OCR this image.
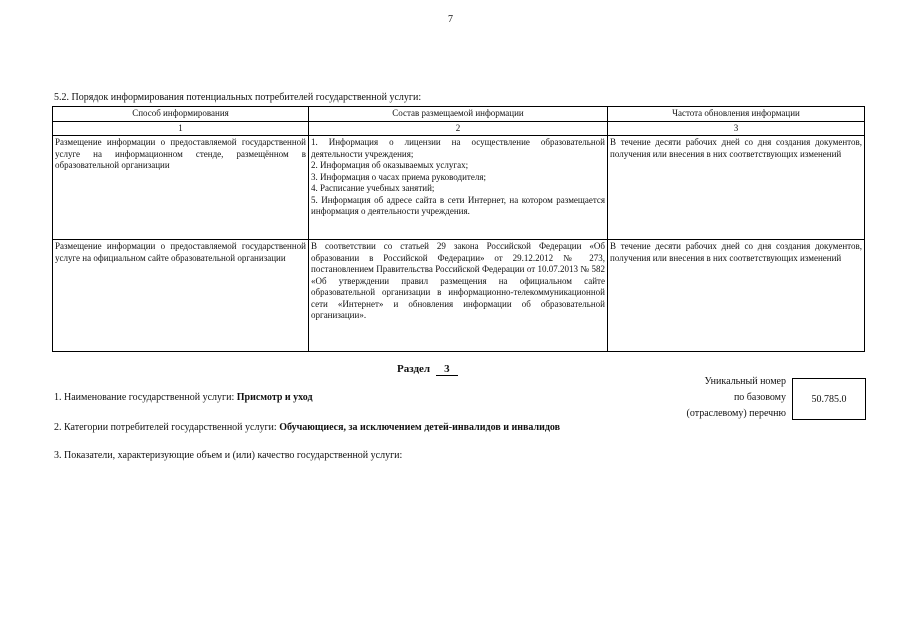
7
5.2. Порядок информирования потенциальных потребителей государственной услуги:
Способ информирования	Состав размещаемой информации	Частота обновления информации
1	2	3
Размещение информации о предоставляемой государственной услуге на информационном стенде, размещённом в образовательной организации	1. Информация о лицензии на осуществление образовательной деятельности учреждения;
2. Информация об оказываемых услугах;
3. Информация о часах приема руководителя;
4. Расписание учебных занятий;
5. Информация об адресе сайта в сети Интернет, на котором размещается информация о деятельности учреждения.	В течение десяти рабочих дней со дня создания документов, получения или внесения в них соответствующих изменений
Размещение информации о предоставляемой государственной услуге на официальном сайте образовательной организации	В соответствии со статьей 29 закона Российской Федерации «Об образовании в Российской Федерации» от 29.12.2012 № 273, постановлением Правительства Российской Федерации от 10.07.2013 № 582 «Об утверждении правил размещения на официальном сайте образовательной организации в информационно-телекоммуникационной сети «Интернет» и обновления информации об образовательной организации».	В течение десяти рабочих дней со дня создания документов, получения или внесения в них соответствующих изменений
Раздел 3
Уникальный номер
по базовому
(отраслевому) перечню
50.785.0
1. Наименование государственной услуги: Присмотр и уход
2. Категории потребителей государственной услуги: Обучающиеся, за исключением детей-инвалидов и инвалидов
3. Показатели, характеризующие объем и (или) качество государственной услуги:
